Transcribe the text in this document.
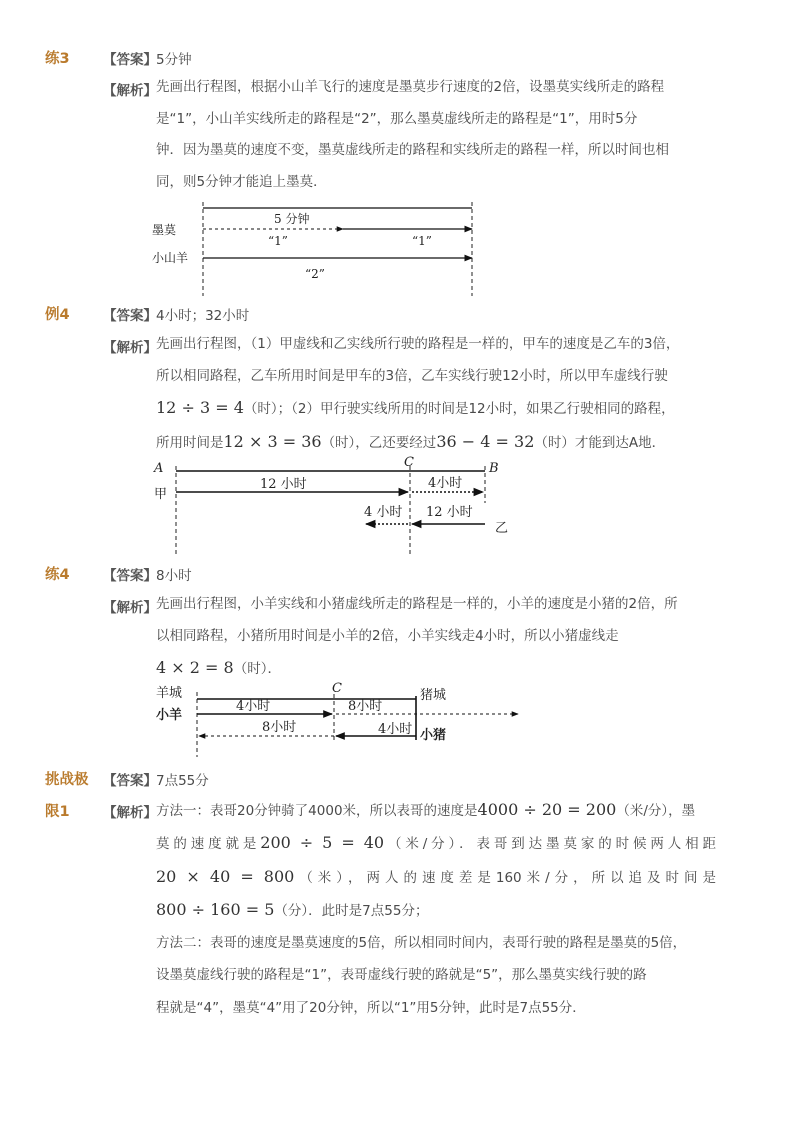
练3 【答案】 5分钟
【解析】 先画出行程图，根据小山羊飞行的速度是墨莫步行速度的2倍，设墨莫实线所走的路程
是“1”，小山羊实线所走的路程是“2”，那么墨莫虚线所走的路程是“1”，用时5分
钟．因为墨莫的速度不变，墨莫虚线所走的路程和实线所走的路程一样，所以时间也相
同，则5分钟才能追上墨莫．
5 分钟
墨莫
“1”	“1”
小山羊
“2”
例4 【答案】 4小时；32小时
【解析】 先画出行程图，（1）甲虚线和乙实线所行驶的路程是一样的，甲车的速度是乙车的3倍，
所以相同路程，乙车所用时间是甲车的3倍，乙车实线行驶12小时，所以甲车虚线行驶
12 ÷ 3 = 4（时）；（2）甲行驶实线所用的时间是12小时，如果乙行驶相同的路程，
所用时间是12 × 3 = 36（时），乙还要经过36 − 4 = 32（时）才能到达A地．
A	C	B
甲
12 小时	4小时
12 小时
4 小时
乙
练4 【答案】 8小时
【解析】 先画出行程图，小羊实线和小猪虚线所走的路程是一样的，小羊的速度是小猪的2倍，所
以相同路程，小猪所用时间是小羊的2倍，小羊实线走4小时，所以小猪虚线走
4 × 2 = 8（时）．
羊城
小羊
猪城
小猪
C
4小时	8小时
8小时	4小时
挑战极
限1
【答案】 7点55分
【解析】 方法一：表哥20分钟骑了4000米，所以表哥的速度是4000 ÷ 20 = 200（米/分），墨
莫的速度就是200 ÷ 5 = 40（米/分）．表哥到达墨莫家的时候两人相距
20 × 40 = 800（米），两人的速度差是160米/分，所以追及时间是
800 ÷ 160 = 5（分）．此时是7点55分；
方法二：表哥的速度是墨莫速度的5倍，所以相同时间内，表哥行驶的路程是墨莫的5倍，
设墨莫虚线行驶的路程是“1”，表哥虚线行驶的路就是“5”，那么墨莫实线行驶的路
程就是“4”，墨莫“4”用了20分钟，所以“1”用5分钟，此时是7点55分．
